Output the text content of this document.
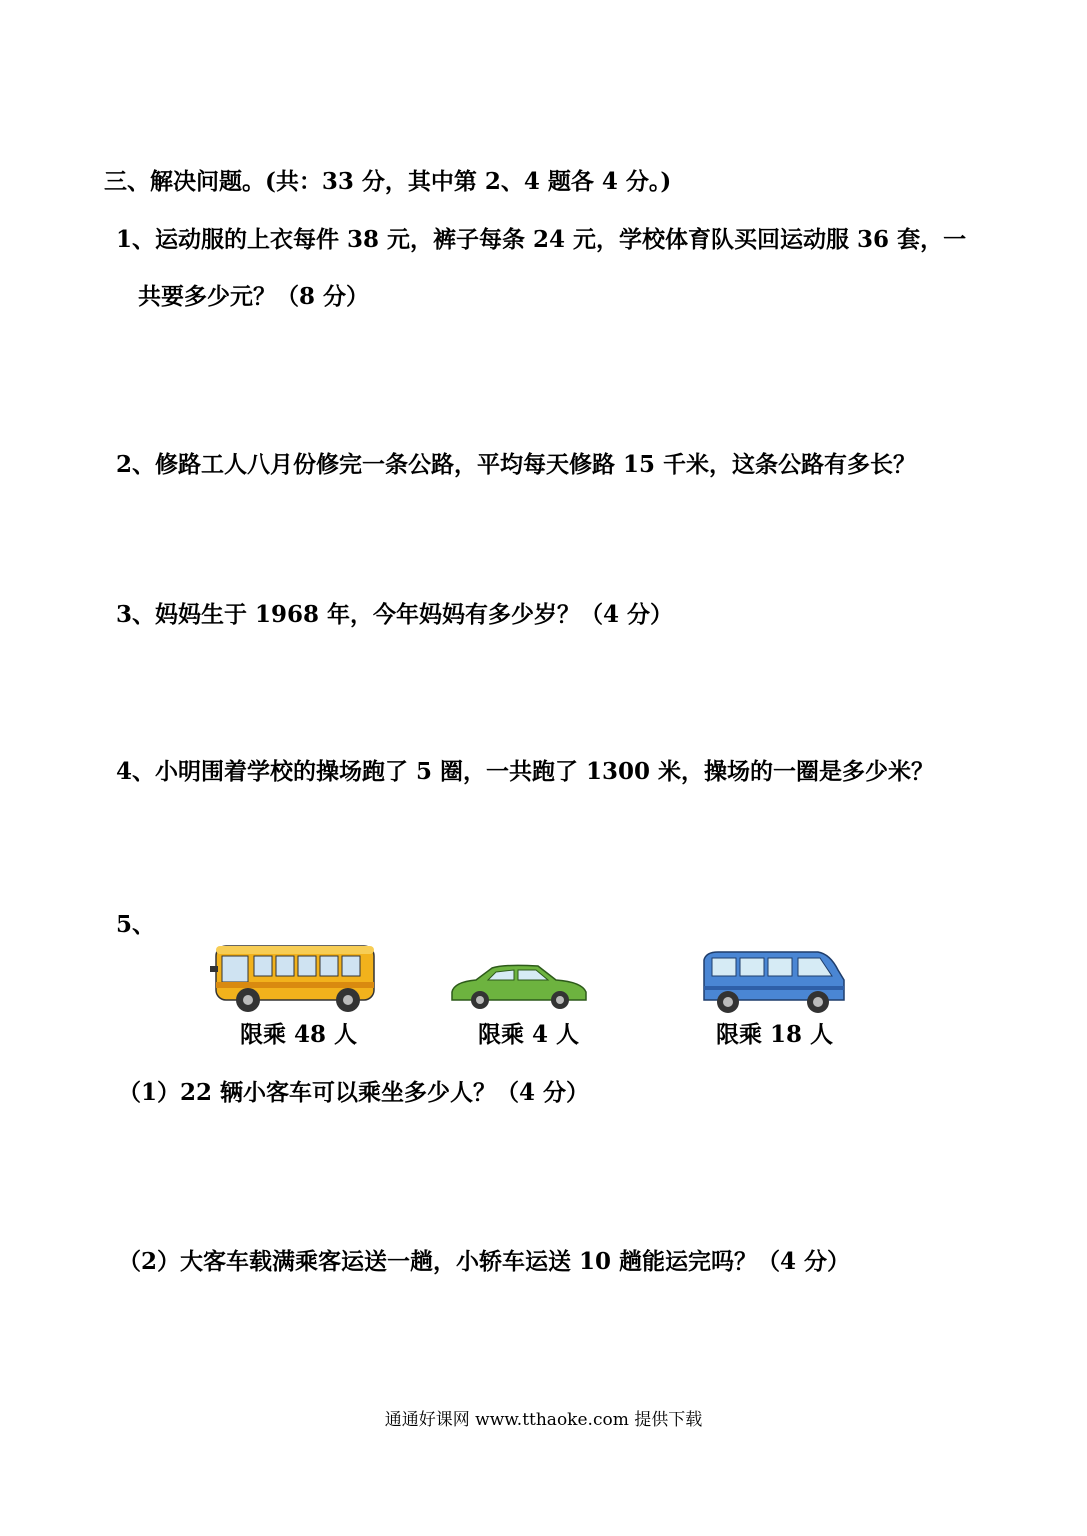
三、解决问题。(共：33 分，其中第 2、4 题各 4 分。)
1、运动服的上衣每件 38 元，裤子每条 24 元，学校体育队买回运动服 36 套，一
共要多少元？（8 分）
2、修路工人八月份修完一条公路，平均每天修路 15 千米，这条公路有多长？
3、妈妈生于 1968 年，今年妈妈有多少岁？（4 分）
4、小明围着学校的操场跑了 5 圈，一共跑了 1300 米，操场的一圈是多少米？
5、
限乘 48 人	限乘 4 人	限乘 18 人
（1）22 辆小客车可以乘坐多少人？（4 分）
（2）大客车载满乘客运送一趟，小轿车运送 10 趟能运完吗？（4 分）
通通好课网 www.tthaoke.com 提供下载
